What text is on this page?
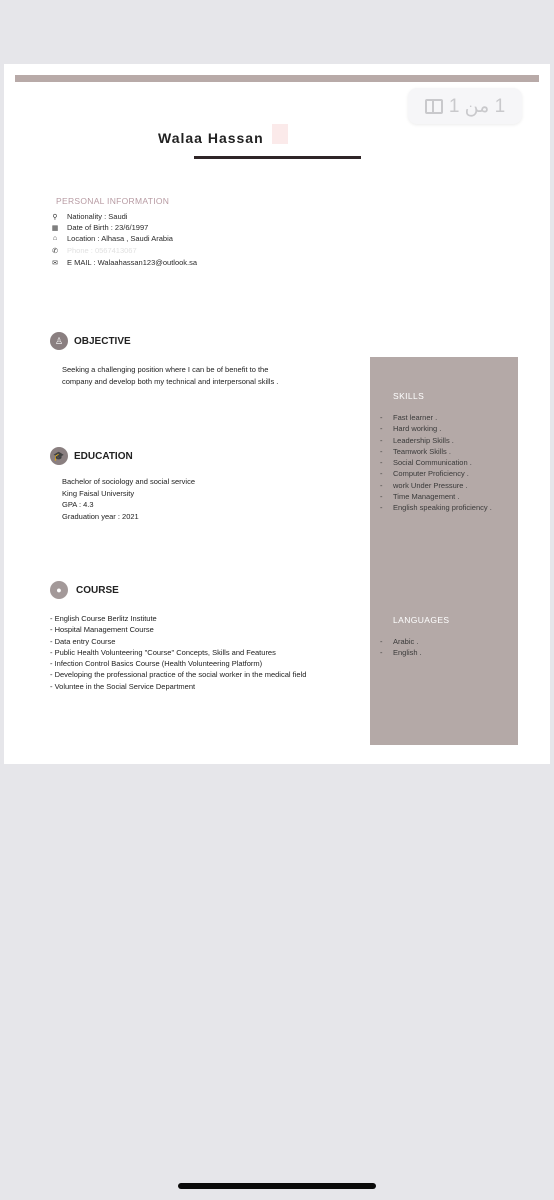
1 من 1
Walaa Hassan
PERSONAL INFORMATION
⚲	Nationality : Saudi
▦ Date of Birth : 23/6/1997
⌂	Location : Alhasa , Saudi Arabia
✆ Phone : 0567413067
✉ E MAIL : Walaahassan123@outlook.sa
♙	OBJECTIVE
Seeking a challenging position where I can be of benefit to the
company and develop both my technical and interpersonal skills .
🎓 EDUCATION
Bachelor of sociology and social service
King Faisal University
GPA : 4.3
Graduation year : 2021
●	COURSE
- English Course Berlitz Institute
- Hospital Management Course
- Data entry Course
- Public Health Volunteering "Course" Concepts, Skills and Features
- Infection Control Basics Course (Health Volunteering Platform)
- Developing the professional practice of the social worker in the medical field
- Voluntee in the Social Service Department
SKILLS
-	Fast learner .
-	Hard working .
-	Leadership Skills .
-	Teamwork Skills .
-	Social Communication .
-	Computer Proficiency .
-	work Under Pressure .
-	Time Management .
-	English speaking proficiency .
LANGUAGES
-	Arabic .
-	English .
